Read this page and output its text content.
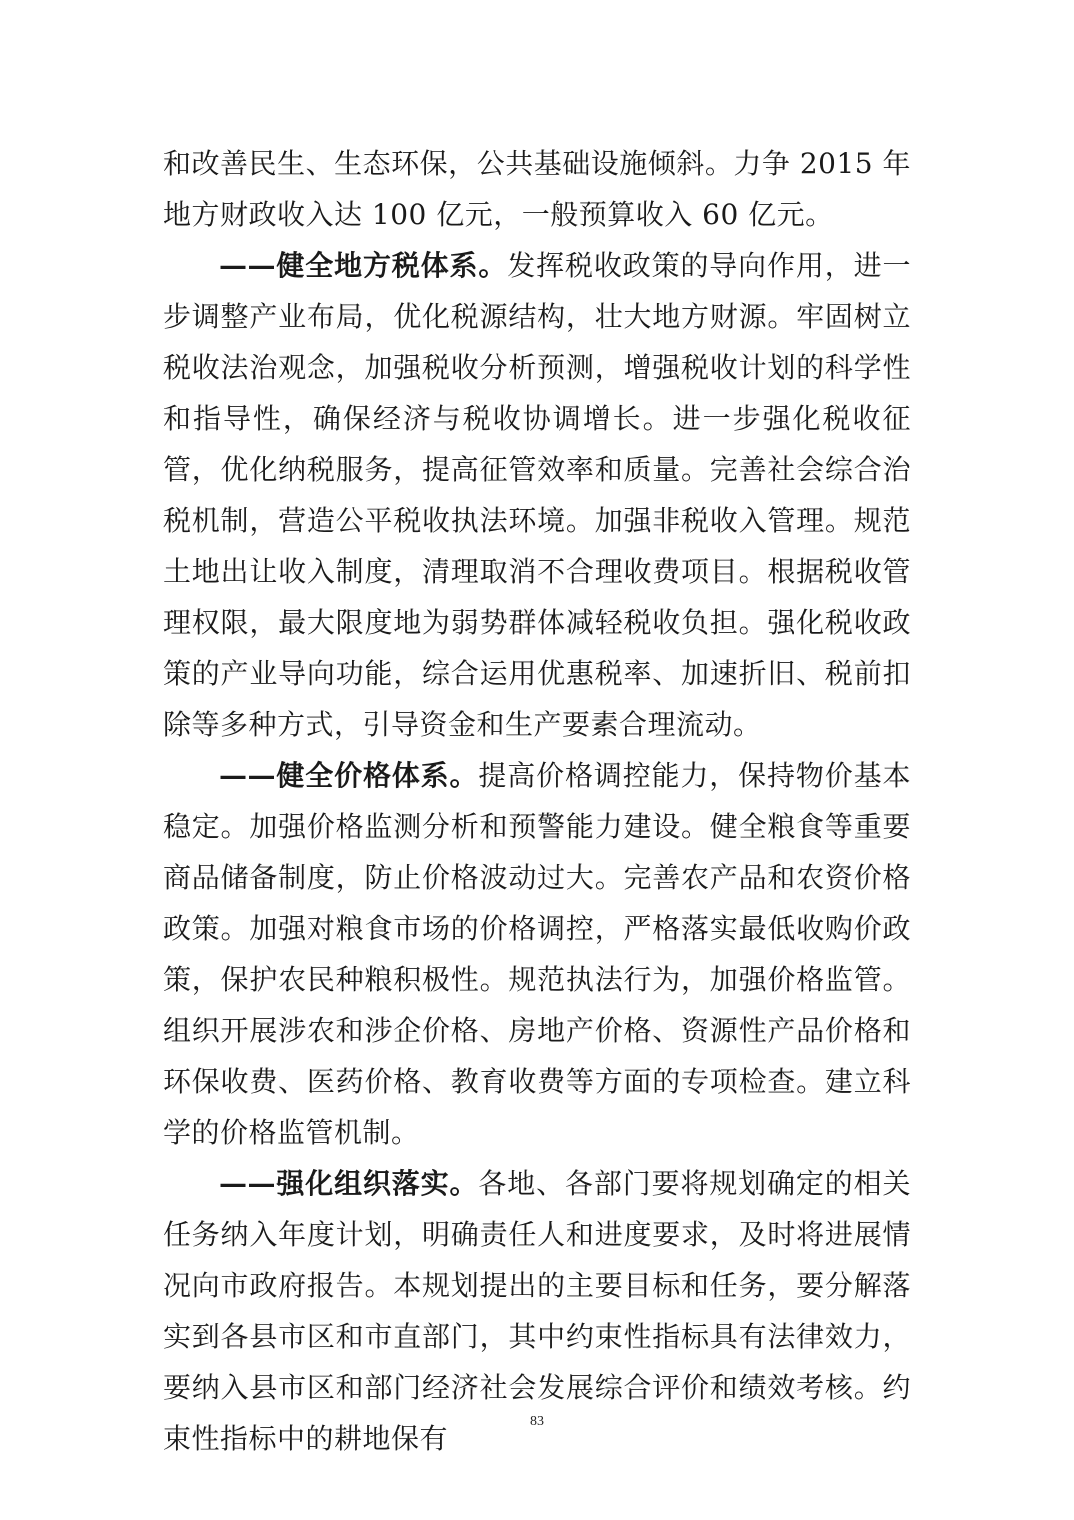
和改善民生、生态环保，公共基础设施倾斜。力争 2015 年地方财政收入达 100 亿元，一般预算收入 60 亿元。

——健全地方税体系。发挥税收政策的导向作用，进一步调整产业布局，优化税源结构，壮大地方财源。牢固树立税收法治观念，加强税收分析预测，增强税收计划的科学性和指导性，确保经济与税收协调增长。进一步强化税收征管，优化纳税服务，提高征管效率和质量。完善社会综合治税机制，营造公平税收执法环境。加强非税收入管理。规范土地出让收入制度，清理取消不合理收费项目。根据税收管理权限，最大限度地为弱势群体减轻税收负担。强化税收政策的产业导向功能，综合运用优惠税率、加速折旧、税前扣除等多种方式，引导资金和生产要素合理流动。

——健全价格体系。提高价格调控能力，保持物价基本稳定。加强价格监测分析和预警能力建设。健全粮食等重要商品储备制度，防止价格波动过大。完善农产品和农资价格政策。加强对粮食市场的价格调控，严格落实最低收购价政策，保护农民种粮积极性。规范执法行为，加强价格监管。组织开展涉农和涉企价格、房地产价格、资源性产品价格和环保收费、医药价格、教育收费等方面的专项检查。建立科学的价格监管机制。

——强化组织落实。各地、各部门要将规划确定的相关任务纳入年度计划，明确责任人和进度要求，及时将进展情况向市政府报告。本规划提出的主要目标和任务，要分解落实到各县市区和市直部门，其中约束性指标具有法律效力，要纳入县市区和部门经济社会发展综合评价和绩效考核。约束性指标中的耕地保有

83
